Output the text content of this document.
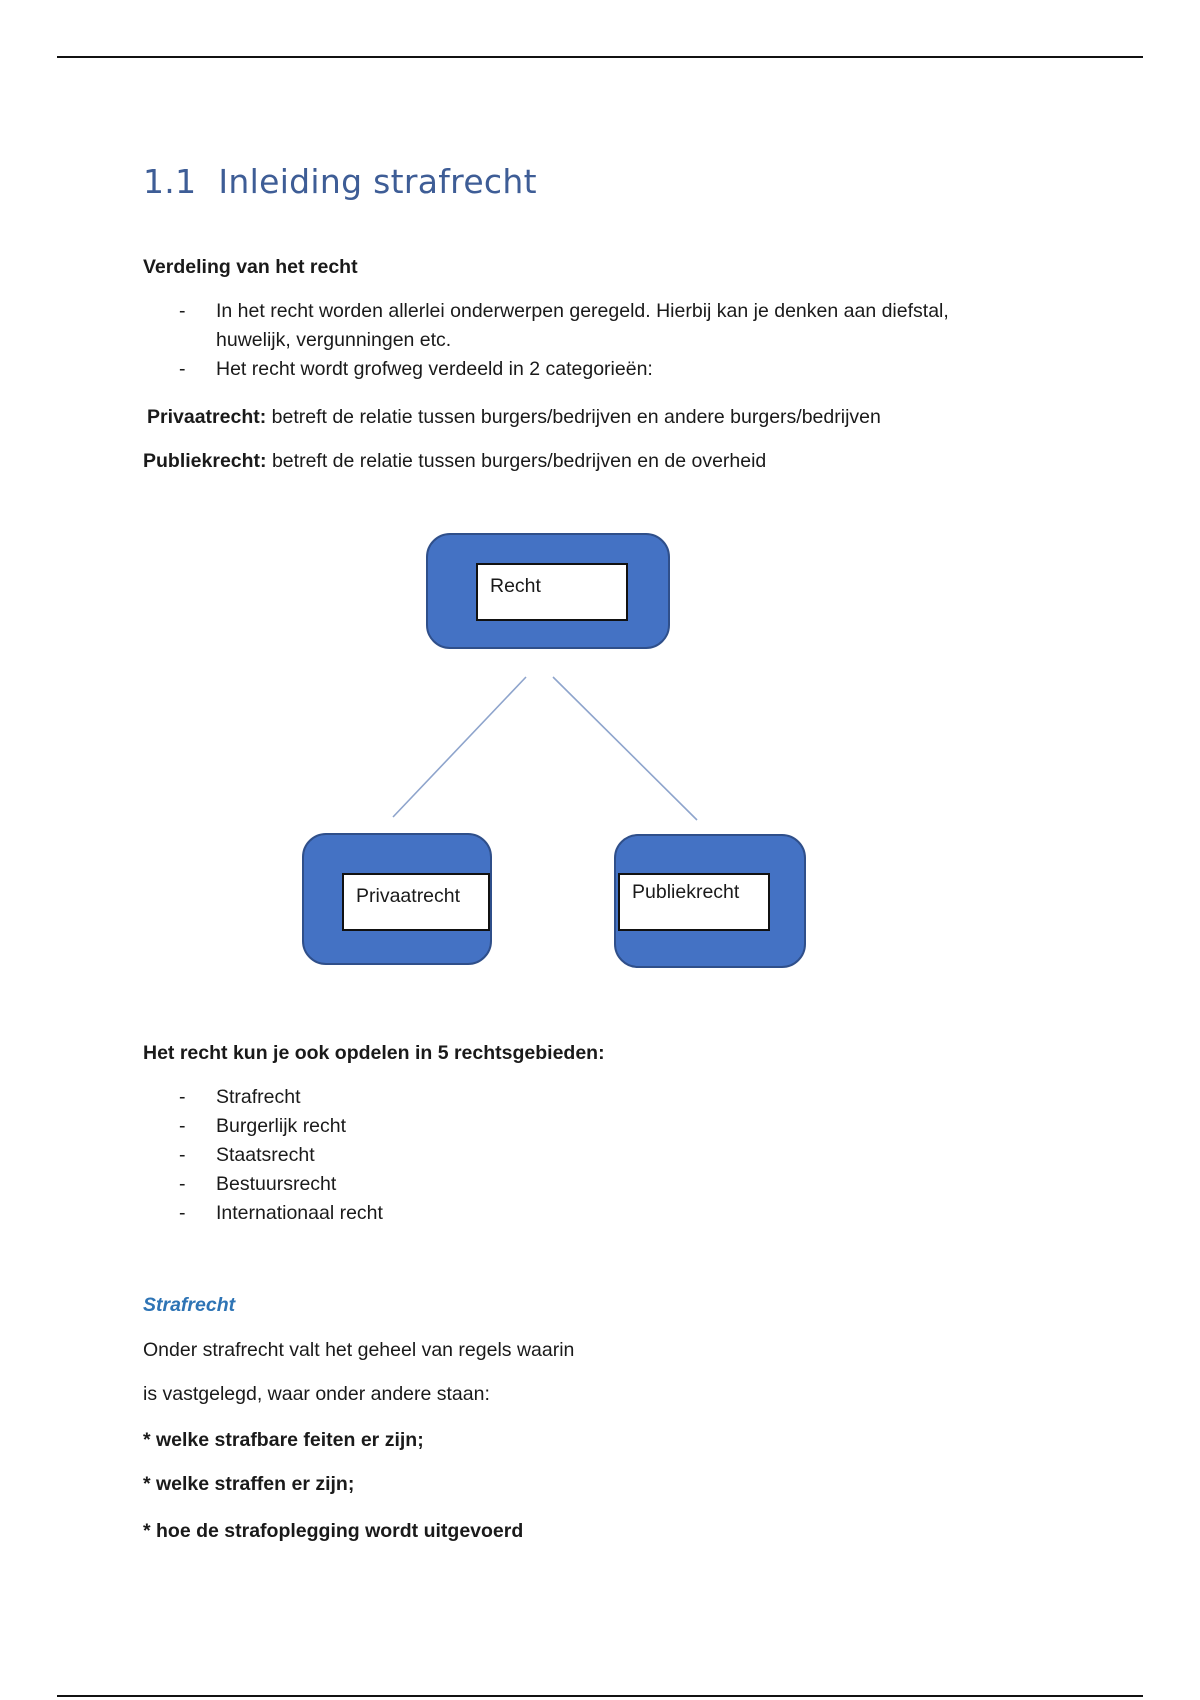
1.1 Inleiding strafrecht

Verdeling van het recht

- In het recht worden allerlei onderwerpen geregeld. Hierbij kan je denken aan diefstal,
huwelijk, vergunningen etc.
- Het recht wordt grofweg verdeeld in 2 categorieën:

Privaatrecht: betreft de relatie tussen burgers/bedrijven en andere burgers/bedrijven

Publiekrecht: betreft de relatie tussen burgers/bedrijven en de overheid

Het recht kun je ook opdelen in 5 rechtsgebieden:

- Strafrecht
- Burgerlijk recht
- Staatsrecht
- Bestuursrecht
- Internationaal recht

Strafrecht

Onder strafrecht valt het geheel van regels waarin

is vastgelegd, waar onder andere staan:

* welke strafbare feiten er zijn;

* welke straffen er zijn;

* hoe de strafoplegging wordt uitgevoerd

Recht
Privaatrecht	Publiekrecht
